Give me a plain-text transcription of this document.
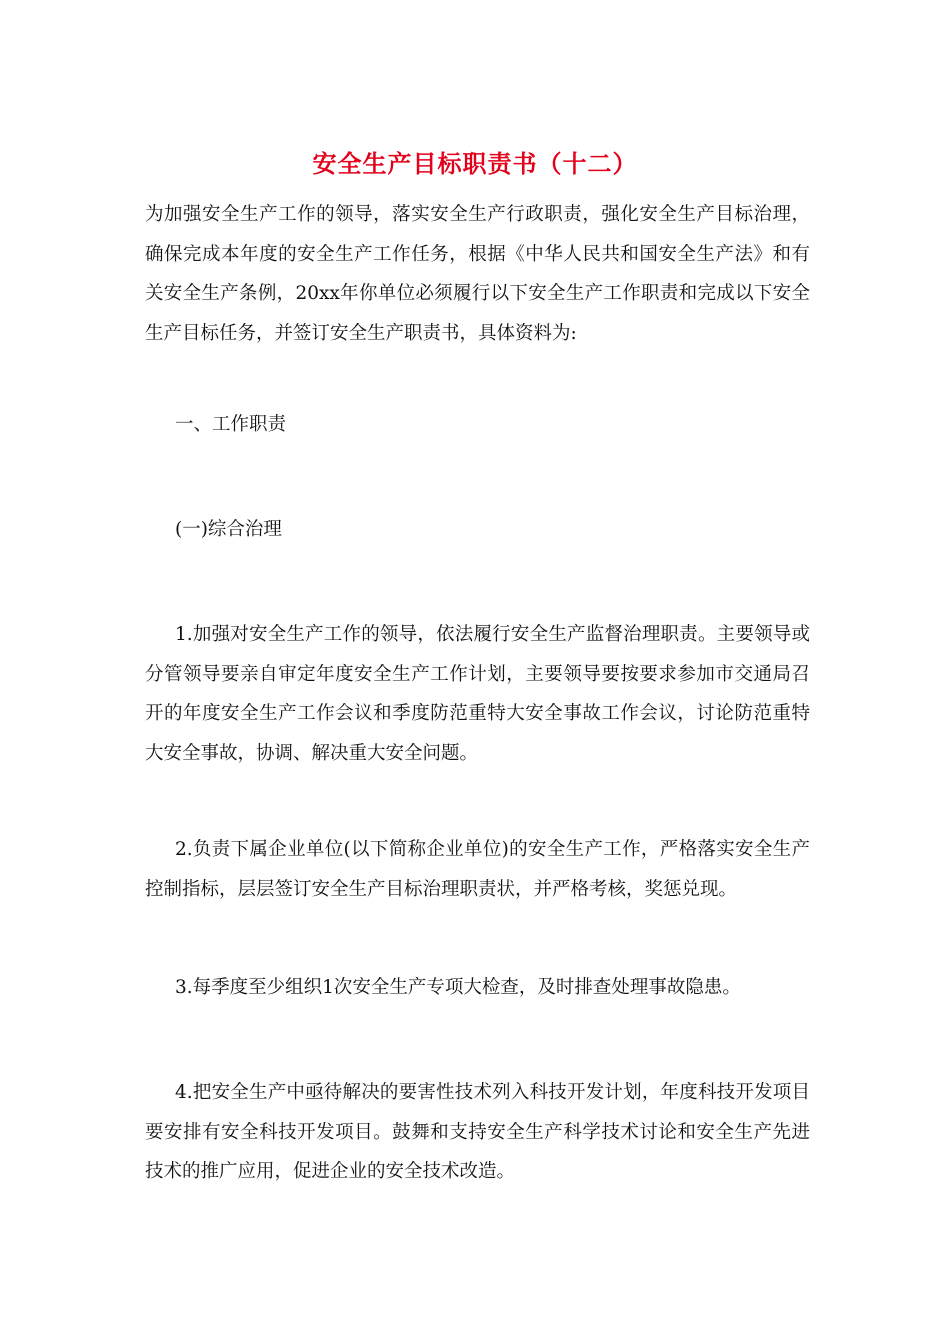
安全生产目标职责书（十二）

为加强安全生产工作的领导，落实安全生产行政职责，强化安全生产目标治理，确保完成本年度的安全生产工作任务，根据《中华人民共和国安全生产法》和有关安全生产条例，20xx年你单位必须履行以下安全生产工作职责和完成以下安全生产目标任务，并签订安全生产职责书，具体资料为:

一、工作职责

(一)综合治理

1.加强对安全生产工作的领导，依法履行安全生产监督治理职责。主要领导或分管领导要亲自审定年度安全生产工作计划，主要领导要按要求参加市交通局召开的年度安全生产工作会议和季度防范重特大安全事故工作会议，讨论防范重特大安全事故，协调、解决重大安全问题。

2.负责下属企业单位(以下简称企业单位)的安全生产工作，严格落实安全生产控制指标，层层签订安全生产目标治理职责状，并严格考核，奖惩兑现。

3.每季度至少组织1次安全生产专项大检查，及时排查处理事故隐患。

4.把安全生产中亟待解决的要害性技术列入科技开发计划，年度科技开发项目要安排有安全科技开发项目。鼓舞和支持安全生产科学技术讨论和安全生产先进技术的推广应用，促进企业的安全技术改造。
